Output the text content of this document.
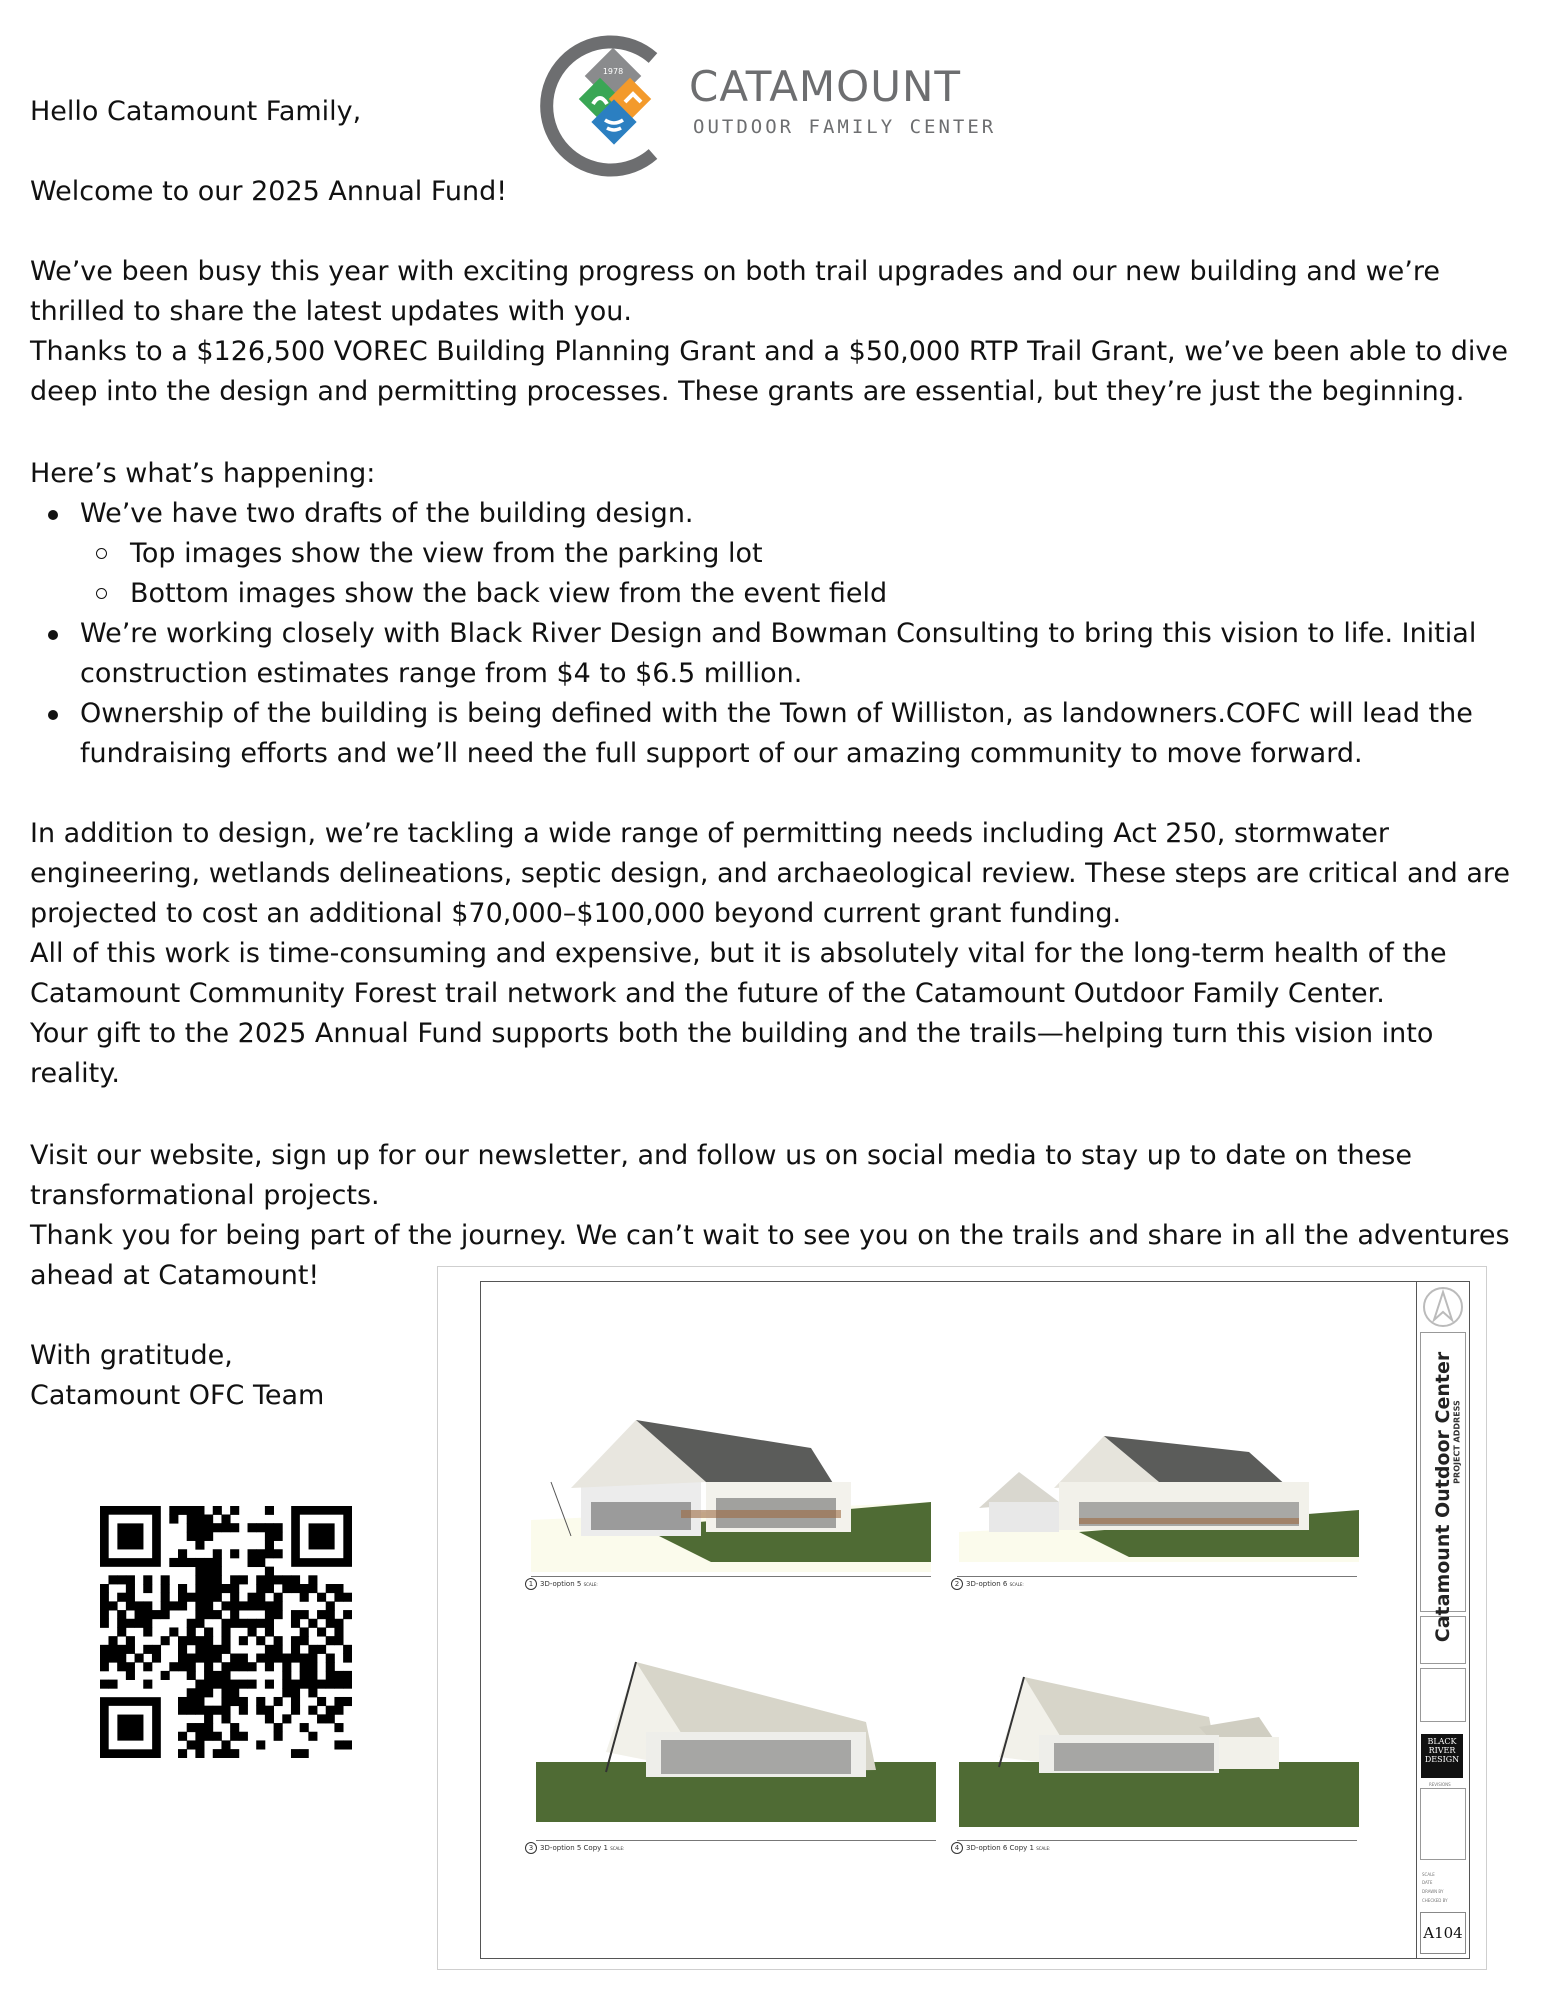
Hello Catamount Family,

Welcome to our 2025 Annual Fund!

We’ve been busy this year with exciting progress on both trail upgrades and our new building and we’re

thrilled to share the latest updates with you.

Thanks to a $126,500 VOREC Building Planning Grant and a $50,000 RTP Trail Grant, we’ve been able to dive

deep into the design and permitting processes. These grants are essential, but they’re just the beginning.

Here’s what’s happening:

We’ve have two drafts of the building design.
Top images show the view from the parking lot
Bottom images show the back view from the event field
We’re working closely with Black River Design and Bowman Consulting to bring this vision to life. Initial
construction estimates range from $4 to $6.5 million.
Ownership of the building is being defined with the Town of Williston, as landowners.COFC will lead the
fundraising efforts and we’ll need the full support of our amazing community to move forward.

In addition to design, we’re tackling a wide range of permitting needs including Act 250, stormwater

engineering, wetlands delineations, septic design, and archaeological review. These steps are critical and are

projected to cost an additional $70,000–$100,000 beyond current grant funding.

All of this work is time-consuming and expensive, but it is absolutely vital for the long-term health of the

Catamount Community Forest trail network and the future of the Catamount Outdoor Family Center.

Your gift to the 2025 Annual Fund supports both the building and the trails—helping turn this vision into

reality.

Visit our website, sign up for our newsletter, and follow us on social media to stay up to date on these

transformational projects.

Thank you for being part of the journey. We can’t wait to see you on the trails and share in all the adventures

ahead at Catamount!

With gratitude,

Catamount OFC Team

1978 CATAMOUNT
OUTDOOR FAMILY CENTER
1 3D-option 5 SCALE:	2 3D-option 6 SCALE:
3 3D-option 5 Copy 1 SCALE:	4 3D-option 6 Copy 1 SCALE:
Catamount Outdoor Center
PROJECT ADDRESS
BLACK RIVER DESIGN
REVISIONS
SCALE
DATE
DRAWN BY
CHECKED BY
A104
